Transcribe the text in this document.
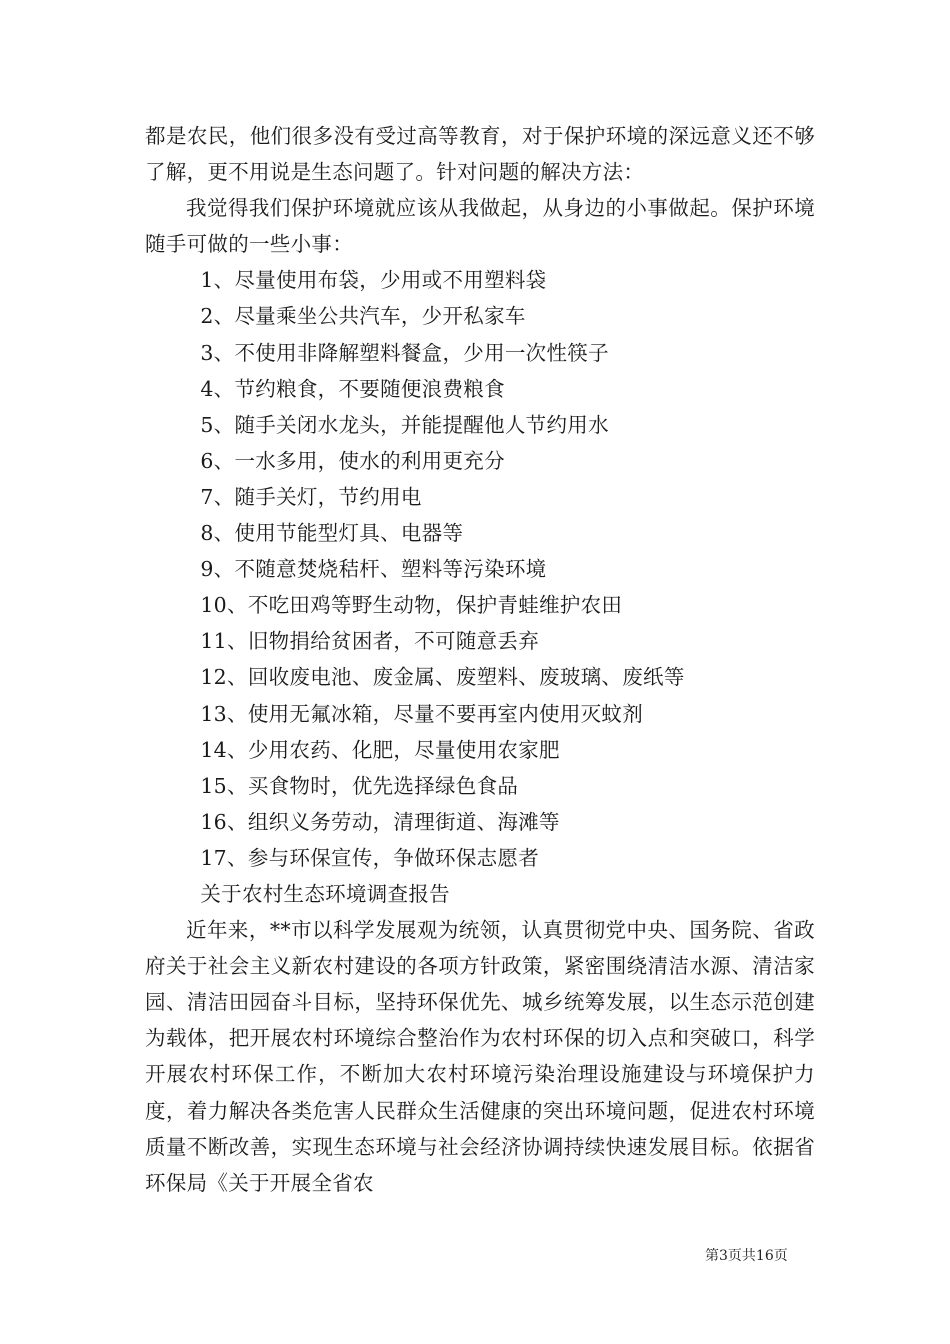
都是农民，他们很多没有受过高等教育，对于保护环境的深远意义还不够了解，更不用说是生态问题了。针对问题的解决方法：

我觉得我们保护环境就应该从我做起，从身边的小事做起。保护环境随手可做的一些小事：

1、尽量使用布袋，少用或不用塑料袋

2、尽量乘坐公共汽车，少开私家车

3、不使用非降解塑料餐盒，少用一次性筷子

4、节约粮食，不要随便浪费粮食

5、随手关闭水龙头，并能提醒他人节约用水

6、一水多用，使水的利用更充分

7、随手关灯，节约用电

8、使用节能型灯具、电器等

9、不随意焚烧秸杆、塑料等污染环境

10、不吃田鸡等野生动物，保护青蛙维护农田

11、旧物捐给贫困者，不可随意丢弃

12、回收废电池、废金属、废塑料、废玻璃、废纸等

13、使用无氟冰箱，尽量不要再室内使用灭蚊剂

14、少用农药、化肥，尽量使用农家肥

15、买食物时，优先选择绿色食品

16、组织义务劳动，清理街道、海滩等

17、参与环保宣传，争做环保志愿者

关于农村生态环境调查报告

近年来，**市以科学发展观为统领，认真贯彻党中央、国务院、省政府关于社会主义新农村建设的各项方针政策，紧密围绕清洁水源、清洁家园、清洁田园奋斗目标，坚持环保优先、城乡统筹发展，以生态示范创建为载体，把开展农村环境综合整治作为农村环保的切入点和突破口，科学开展农村环保工作，不断加大农村环境污染治理设施建设与环境保护力度，着力解决各类危害人民群众生活健康的突出环境问题，促进农村环境质量不断改善，实现生态环境与社会经济协调持续快速发展目标。依据省环保局《关于开展全省农

第3页共16页
